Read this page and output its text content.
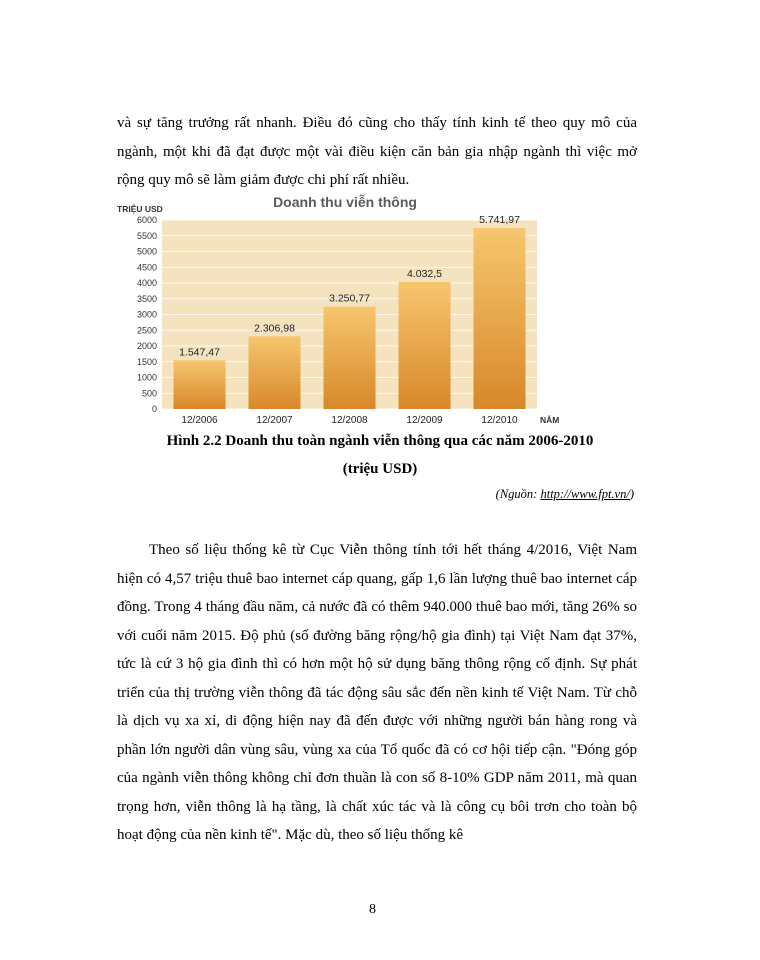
và sự tăng trưởng rất nhanh. Điều đó cũng cho thấy tính kinh tế theo quy mô của ngành, một khi đã đạt được một vài điều kiện căn bản gia nhập ngành thì việc mở rộng quy mô sẽ làm giảm được chi phí rất nhiều.

0
500
1000
1500
2000
2500
3000
3500
4000
4500
5000
5500
6000
1.547,47
2.306,98
3.250,77
4.032,5
5.741,97
12/2006	12/2007	12/2008	12/2009	12/2010
TRIỆU USD	Doanh thu viễn thông
NĂM

Hình 2.2 Doanh thu toàn ngành viễn thông qua các năm 2006-2010

(triệu USD)

(Nguồn: http://www.fpt.vn/)

Theo số liệu thống kê từ Cục Viễn thông tính tới hết tháng 4/2016, Việt Nam hiện có 4,57 triệu thuê bao internet cáp quang, gấp 1,6 lần lượng thuê bao internet cáp đồng. Trong 4 tháng đầu năm, cả nước đã có thêm 940.000 thuê bao mới, tăng 26% so với cuối năm 2015. Độ phủ (số đường băng rộng/hộ gia đình) tại Việt Nam đạt 37%, tức là cứ 3 hộ gia đình thì có hơn một hộ sử dụng băng thông rộng cố định. Sự phát triển của thị trường viễn thông đã tác động sâu sắc đến nền kinh tế Việt Nam. Từ chỗ là dịch vụ xa xỉ, di động hiện nay đã đến được với những người bán hàng rong và phần lớn người dân vùng sâu, vùng xa của Tổ quốc đã có cơ hội tiếp cận. "Đóng góp của ngành viễn thông không chỉ đơn thuần là con số 8-10% GDP năm 2011, mà quan trọng hơn, viễn thông là hạ tầng, là chất xúc tác và là công cụ bôi trơn cho toàn bộ hoạt động của nền kinh tế". Mặc dù, theo số liệu thống kê

8
